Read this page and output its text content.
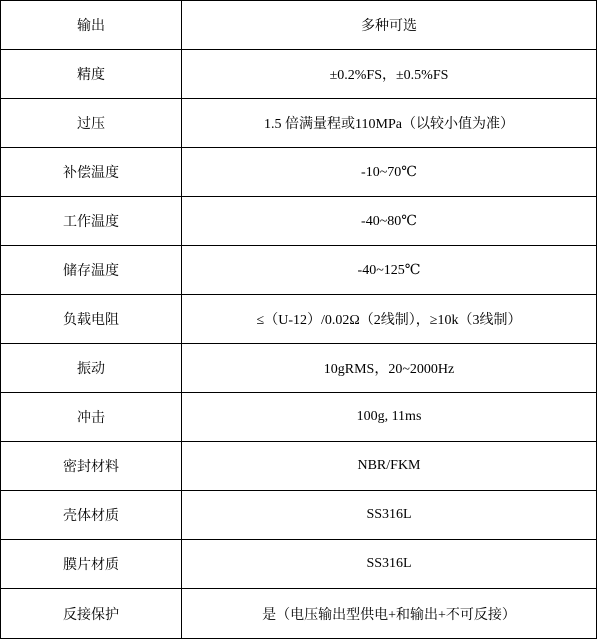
输出	多种可选
精度	±0.2%FS，±0.5%FS
过压	1.5 倍满量程或110MPa（以较小值为准）
补偿温度	-10~70℃
工作温度	-40~80℃
储存温度	-40~125℃
负载电阻	≤（U-12）/0.02Ω（2线制），≥10k（3线制）
振动	10gRMS，20~2000Hz
冲击	100g, 11ms
密封材料	NBR/FKM
壳体材质	SS316L
膜片材质	SS316L
反接保护	是（电压输出型供电+和输出+不可反接）
